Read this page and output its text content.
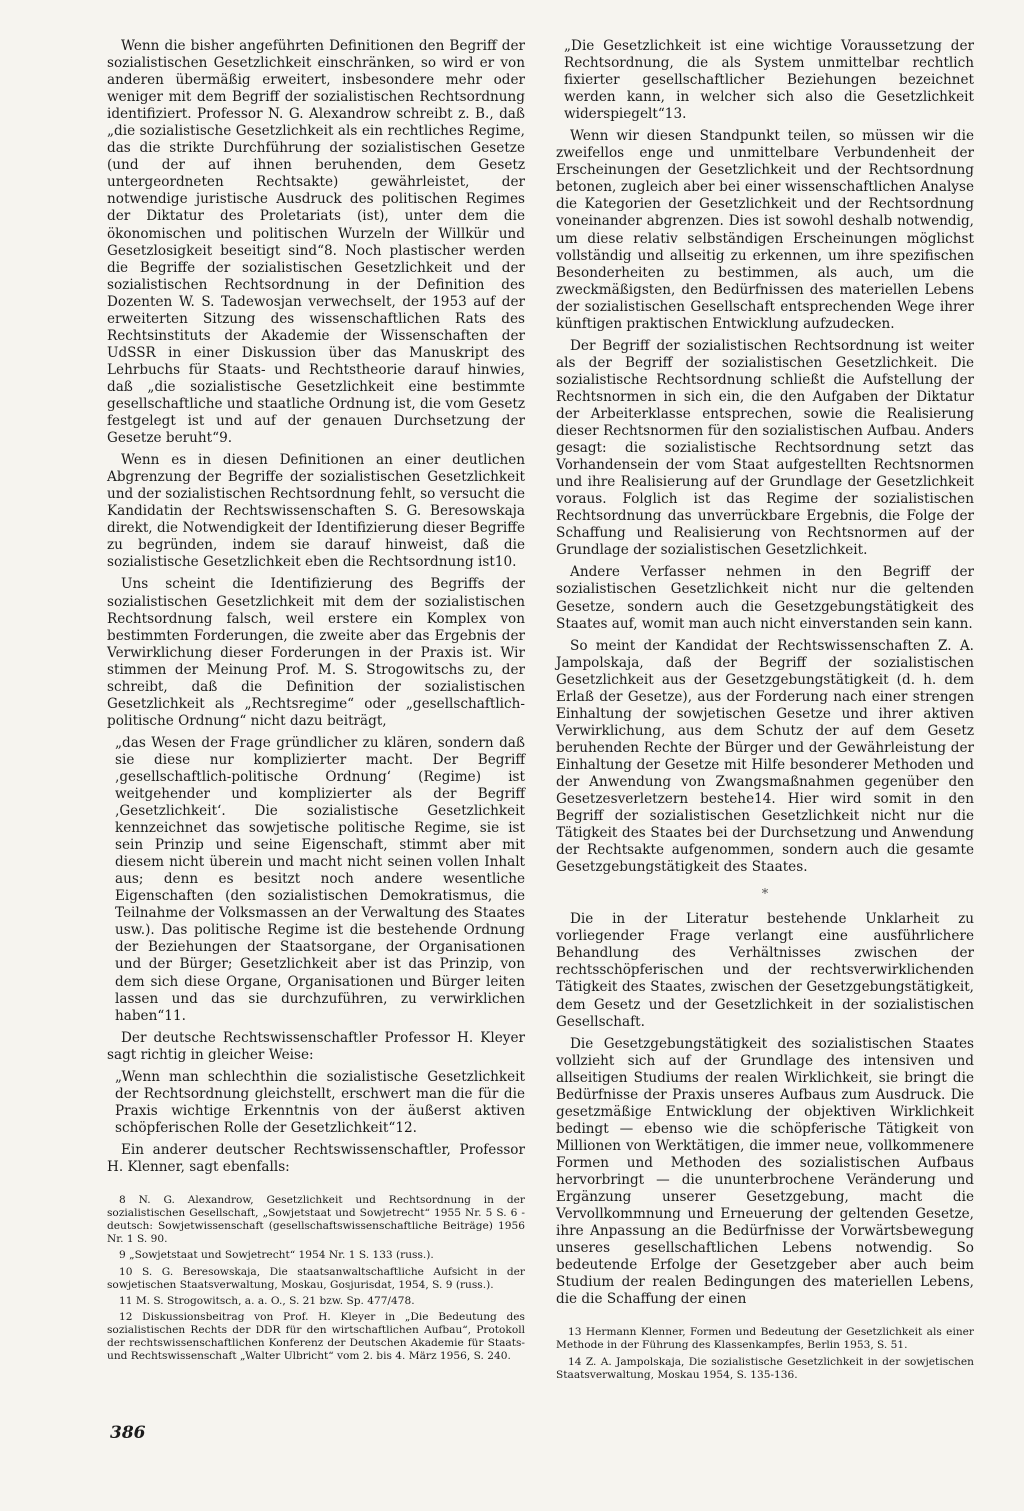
Wenn die bisher angeführten Definitionen den Begriff der sozialistischen Gesetzlichkeit einschränken, so wird er von anderen übermäßig erweitert, insbesondere mehr oder weniger mit dem Begriff der sozialistischen Rechtsordnung identifiziert. Professor N. G. Alexandrow schreibt z. B., daß „die sozialistische Gesetzlichkeit als ein rechtliches Regime, das die strikte Durchführung der sozialistischen Gesetze (und der auf ihnen beruhenden, dem Gesetz untergeordneten Rechtsakte) gewährleistet, der notwendige juristische Ausdruck des politischen Regimes der Diktatur des Proletariats (ist), unter dem die ökonomischen und politischen Wurzeln der Willkür und Gesetzlosigkeit beseitigt sind“8. Noch plastischer werden die Begriffe der sozialistischen Gesetzlichkeit und der sozialistischen Rechtsordnung in der Definition des Dozenten W. S. Tadewosjan verwechselt, der 1953 auf der erweiterten Sitzung des wissenschaftlichen Rats des Rechtsinstituts der Akademie der Wissenschaften der UdSSR in einer Diskussion über das Manuskript des Lehrbuchs für Staats- und Rechtstheorie darauf hinwies, daß „die sozialistische Gesetzlichkeit eine bestimmte gesellschaftliche und staatliche Ordnung ist, die vom Gesetz festgelegt ist und auf der genauen Durchsetzung der Gesetze beruht“9.

Wenn es in diesen Definitionen an einer deutlichen Abgrenzung der Begriffe der sozialistischen Gesetzlichkeit und der sozialistischen Rechtsordnung fehlt, so versucht die Kandidatin der Rechtswissenschaften S. G. Beresowskaja direkt, die Notwendigkeit der Identifizierung dieser Begriffe zu begründen, indem sie darauf hinweist, daß die sozialistische Gesetzlichkeit eben die Rechtsordnung ist10.

Uns scheint die Identifizierung des Begriffs der sozialistischen Gesetzlichkeit mit dem der sozialistischen Rechtsordnung falsch, weil erstere ein Komplex von bestimmten Forderungen, die zweite aber das Ergebnis der Verwirklichung dieser Forderungen in der Praxis ist. Wir stimmen der Meinung Prof. M. S. Strogowitschs zu, der schreibt, daß die Definition der sozialistischen Gesetzlichkeit als „Rechtsregime“ oder „gesellschaftlich-politische Ordnung“ nicht dazu beiträgt,

„das Wesen der Frage gründlicher zu klären, sondern daß sie diese nur komplizierter macht. Der Begriff ‚gesellschaftlich-politische Ordnung‘ (Regime) ist weitgehender und komplizierter als der Begriff ‚Gesetzlichkeit‘. Die sozialistische Gesetzlichkeit kennzeichnet das sowjetische politische Regime, sie ist sein Prinzip und seine Eigenschaft, stimmt aber mit diesem nicht überein und macht nicht seinen vollen Inhalt aus; denn es besitzt noch andere wesentliche Eigenschaften (den sozialistischen Demokratismus, die Teilnahme der Volksmassen an der Verwaltung des Staates usw.). Das politische Regime ist die bestehende Ordnung der Beziehungen der Staatsorgane, der Organisationen und der Bürger; Gesetzlichkeit aber ist das Prinzip, von dem sich diese Organe, Organisationen und Bürger leiten lassen und das sie durchzuführen, zu verwirklichen haben“11.

Der deutsche Rechtswissenschaftler Professor H. Kleyer sagt richtig in gleicher Weise:

„Wenn man schlechthin die sozialistische Gesetzlichkeit der Rechtsordnung gleichstellt, erschwert man die für die Praxis wichtige Erkenntnis von der äußerst aktiven schöpferischen Rolle der Gesetzlichkeit“12.

Ein anderer deutscher Rechtswissenschaftler, Professor H. Klenner, sagt ebenfalls:

8 N. G. Alexandrow, Gesetzlichkeit und Rechtsordnung in der sozialistischen Gesellschaft, „Sowjetstaat und Sowjetrecht“ 1955 Nr. 5 S. 6 - deutsch: Sowjetwissenschaft (gesellschaftswissenschaftliche Beiträge) 1956 Nr. 1 S. 90.

9 „Sowjetstaat und Sowjetrecht“ 1954 Nr. 1 S. 133 (russ.).

10 S. G. Beresowskaja, Die staatsanwaltschaftliche Aufsicht in der sowjetischen Staatsverwaltung, Moskau, Gosjurisdat, 1954, S. 9 (russ.).

11 M. S. Strogowitsch, a. a. O., S. 21 bzw. Sp. 477/478.

12 Diskussionsbeitrag von Prof. H. Kleyer in „Die Bedeutung des sozialistischen Rechts der DDR für den wirtschaftlichen Aufbau“, Protokoll der rechtswissenschaftlichen Konferenz der Deutschen Akademie für Staats- und Rechtswissenschaft „Walter Ulbricht“ vom 2. bis 4. März 1956, S. 240.

„Die Gesetzlichkeit ist eine wichtige Voraussetzung der Rechtsordnung, die als System unmittelbar rechtlich fixierter gesellschaftlicher Beziehungen bezeichnet werden kann, in welcher sich also die Gesetzlichkeit widerspiegelt“13.

Wenn wir diesen Standpunkt teilen, so müssen wir die zweifellos enge und unmittelbare Verbundenheit der Erscheinungen der Gesetzlichkeit und der Rechtsordnung betonen, zugleich aber bei einer wissenschaftlichen Analyse die Kategorien der Gesetzlichkeit und der Rechtsordnung voneinander abgrenzen. Dies ist sowohl deshalb notwendig, um diese relativ selbständigen Erscheinungen möglichst vollständig und allseitig zu erkennen, um ihre spezifischen Besonderheiten zu bestimmen, als auch, um die zweckmäßigsten, den Bedürfnissen des materiellen Lebens der sozialistischen Gesellschaft entsprechenden Wege ihrer künftigen praktischen Entwicklung aufzudecken.

Der Begriff der sozialistischen Rechtsordnung ist weiter als der Begriff der sozialistischen Gesetzlichkeit. Die sozialistische Rechtsordnung schließt die Aufstellung der Rechtsnormen in sich ein, die den Aufgaben der Diktatur der Arbeiterklasse entsprechen, sowie die Realisierung dieser Rechtsnormen für den sozialistischen Aufbau. Anders gesagt: die sozialistische Rechtsordnung setzt das Vorhandensein der vom Staat aufgestellten Rechtsnormen und ihre Realisierung auf der Grundlage der Gesetzlichkeit voraus. Folglich ist das Regime der sozialistischen Rechtsordnung das unverrückbare Ergebnis, die Folge der Schaffung und Realisierung von Rechtsnormen auf der Grundlage der sozialistischen Gesetzlichkeit.

Andere Verfasser nehmen in den Begriff der sozialistischen Gesetzlichkeit nicht nur die geltenden Gesetze, sondern auch die Gesetzgebungstätigkeit des Staates auf, womit man auch nicht einverstanden sein kann.

So meint der Kandidat der Rechtswissenschaften Z. A. Jampolskaja, daß der Begriff der sozialistischen Gesetzlichkeit aus der Gesetzgebungstätigkeit (d. h. dem Erlaß der Gesetze), aus der Forderung nach einer strengen Einhaltung der sowjetischen Gesetze und ihrer aktiven Verwirklichung, aus dem Schutz der auf dem Gesetz beruhenden Rechte der Bürger und der Gewährleistung der Einhaltung der Gesetze mit Hilfe besonderer Methoden und der Anwendung von Zwangsmaßnahmen gegenüber den Gesetzesverletzern bestehe14. Hier wird somit in den Begriff der sozialistischen Gesetzlichkeit nicht nur die Tätigkeit des Staates bei der Durchsetzung und Anwendung der Rechtsakte aufgenommen, sondern auch die gesamte Gesetzgebungstätigkeit des Staates.

*

Die in der Literatur bestehende Unklarheit zu vorliegender Frage verlangt eine ausführlichere Behandlung des Verhältnisses zwischen der rechtsschöpferischen und der rechtsverwirklichenden Tätigkeit des Staates, zwischen der Gesetzgebungstätigkeit, dem Gesetz und der Gesetzlichkeit in der sozialistischen Gesellschaft.

Die Gesetzgebungstätigkeit des sozialistischen Staates vollzieht sich auf der Grundlage des intensiven und allseitigen Studiums der realen Wirklichkeit, sie bringt die Bedürfnisse der Praxis unseres Aufbaus zum Ausdruck. Die gesetzmäßige Entwicklung der objektiven Wirklichkeit bedingt — ebenso wie die schöpferische Tätigkeit von Millionen von Werktätigen, die immer neue, vollkommenere Formen und Methoden des sozialistischen Aufbaus hervorbringt — die ununterbrochene Veränderung und Ergänzung unserer Gesetzgebung, macht die Vervollkommnung und Erneuerung der geltenden Gesetze, ihre Anpassung an die Bedürfnisse der Vorwärtsbewegung unseres gesellschaftlichen Lebens notwendig. So bedeutende Erfolge der Gesetzgeber aber auch beim Studium der realen Bedingungen des materiellen Lebens, die die Schaffung der einen

13 Hermann Klenner, Formen und Bedeutung der Gesetzlichkeit als einer Methode in der Führung des Klassenkampfes, Berlin 1953, S. 51.

14 Z. A. Jampolskaja, Die sozialistische Gesetzlichkeit in der sowjetischen Staatsverwaltung, Moskau 1954, S. 135-136.

386
